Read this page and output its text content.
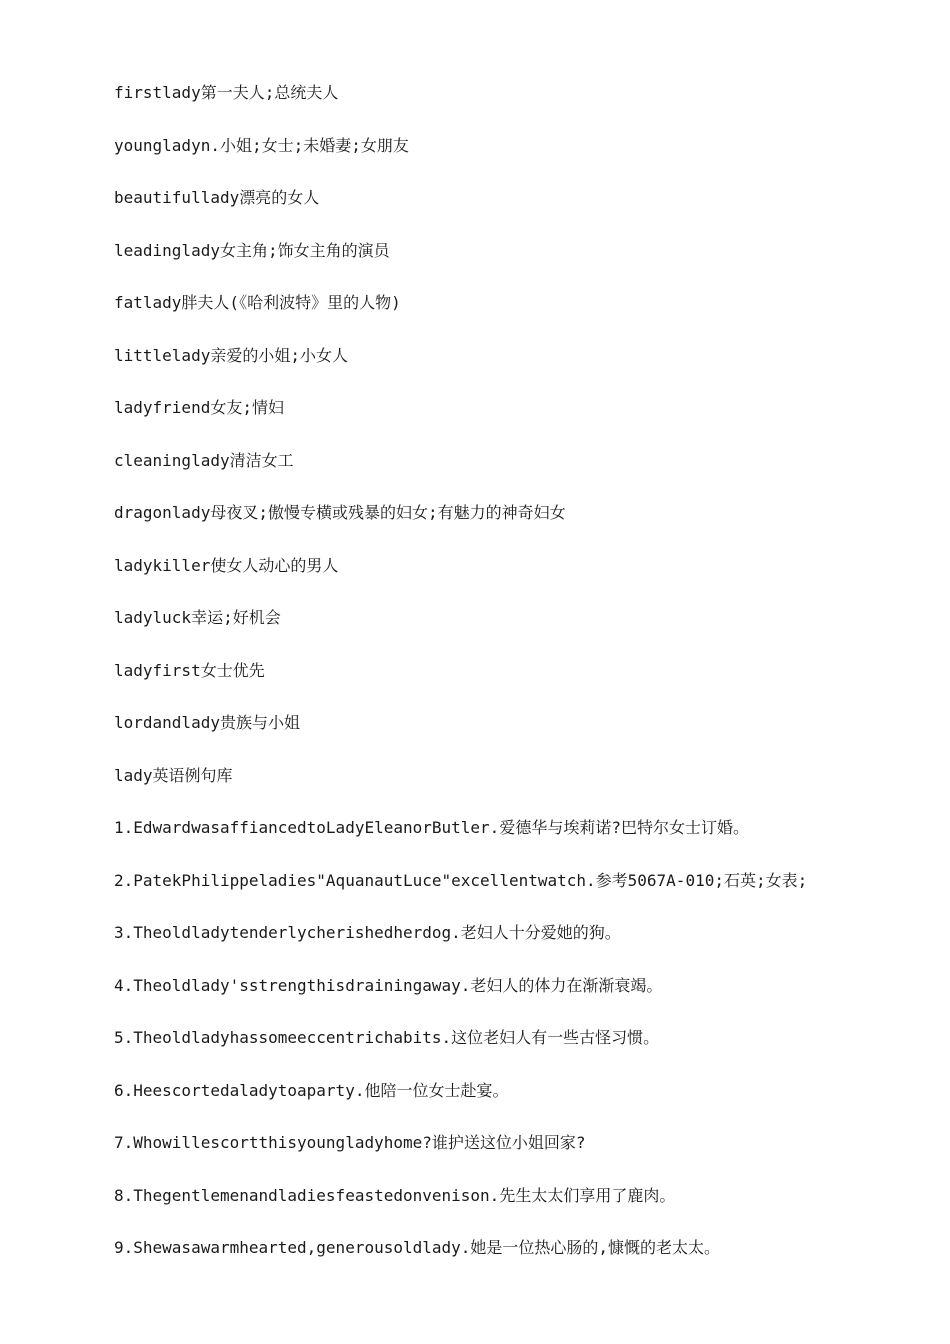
firstlady第一夫人;总统夫人
youngladyn.小姐;女士;未婚妻;女朋友
beautifullady漂亮的女人
leadinglady女主角;饰女主角的演员
fatlady胖夫人(《哈利波特》里的人物)
littlelady亲爱的小姐;小女人
ladyfriend女友;情妇
cleaninglady清洁女工
dragonlady母夜叉;傲慢专横或残暴的妇女;有魅力的神奇妇女
ladykiller使女人动心的男人
ladyluck幸运;好机会
ladyfirst女士优先
lordandlady贵族与小姐
lady英语例句库
1.EdwardwasaffiancedtoLadyEleanorButler.爱德华与埃莉诺?巴特尔女士订婚。
2.PatekPhilippeladies"AquanautLuce"excellentwatch.参考5067A-010;石英;女表;
3.Theoldladytenderlycherishedherdog.老妇人十分爱她的狗。
4.Theoldlady'sstrengthisdrainingaway.老妇人的体力在渐渐衰竭。
5.Theoldladyhassomeeccentrichabits.这位老妇人有一些古怪习惯。
6.Heescortedaladytoaparty.他陪一位女士赴宴。
7.Whowillescortthisyoungladyhome?谁护送这位小姐回家?
8.Thegentlemenandladiesfeastedonvenison.先生太太们享用了鹿肉。
9.Shewasawarmhearted,generousoldlady.她是一位热心肠的,慷慨的老太太。
